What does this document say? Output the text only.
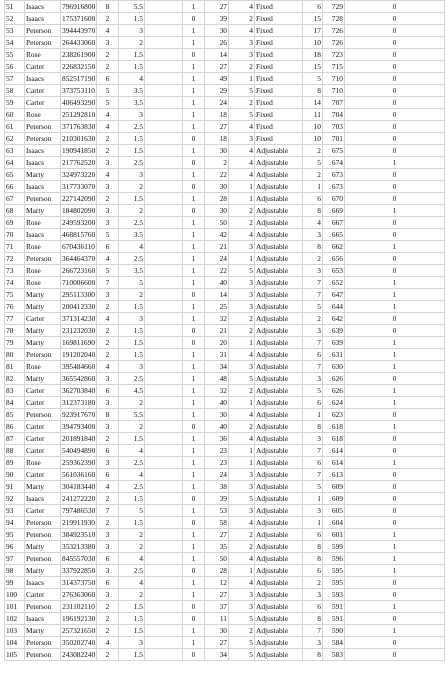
51	Isaacs	796916800	8	5.5		1	27	4	Fixed	6	729	0
52	Isaacs	175371600	2	1.5		0	39	2	Fixed	15	728	0
53	Peterson	394443970	4	3		1	30	4	Fixed	17	726	0
54	Peterson	264433060	3	2		1	26	3	Fixed	10	726	0
55	Rose	238261900	2	1.5		0	14	3	Fixed	18	723	0
56	Carter	226832150	2	1.5		1	27	2	Fixed	15	715	0
57	Isaacs	852517190	6	4		1	49	1	Fixed	5	710	0
58	Carter	373753110	5	3.5		1	29	5	Fixed	8	710	0
59	Carter	406493290	5	3.5		1	24	2	Fixed	14	707	0
60	Rose	251292810	4	3		1	18	5	Fixed	11	704	0
61	Peterson	371763830	4	2.5		1	27	4	Fixed	10	703	0
62	Peterson	210301630	2	1.5		0	18	3	Fixed	10	701	0
63	Isaacs	190941850	2	1.5		1	30	4	Adjustable	2	675	0
64	Isaacs	217762520	3	2.5		0	2	4	Adjustable	5	674	1
65	Marty	324973220	4	3		1	22	4	Adjustable	2	673	0
66	Isaacs	317733070	3	2		0	30	1	Adjustable	1	673	0
67	Peterson	227142090	2	1.5		1	28	1	Adjustable	6	670	0
68	Marty	184802090	3	2		0	30	2	Adjustable	8	669	1
69	Rose	249593200	3	2.5		1	50	2	Adjustable	4	667	0
70	Isaacs	468815760	5	3.5		1	42	4	Adjustable	3	665	0
71	Rose	670436110	6	4		1	21	3	Adjustable	8	662	1
72	Peterson	364464370	4	2.5		1	24	1	Adjustable	2	656	0
73	Rose	266723160	5	3.5		1	22	5	Adjustable	3	653	0
74	Rose	710006600	7	5		1	40	3	Adjustable	7	652	1
75	Marty	295113300	3	2		0	14	3	Adjustable	7	647	1
76	Marty	200412330	2	1.5		1	25	3	Adjustable	5	644	1
77	Carter	371314230	4	3		1	32	2	Adjustable	2	642	0
78	Marty	231232030	2	1.5		0	21	2	Adjustable	3	639	0
79	Marty	169811690	2	1.5		0	20	1	Adjustable	7	639	1
80	Peterson	191202040	2	1.5		1	31	4	Adjustable	6	631	1
81	Rose	395484660	4	3		1	34	3	Adjustable	7	630	1
82	Marty	365542860	3	2.5		1	48	5	Adjustable	3	626	0
83	Carter	362703840	6	4.5		1	32	2	Adjustable	5	626	1
84	Carter	312373180	3	2		1	40	1	Adjustable	6	624	1
85	Peterson	923917670	8	5.5		1	30	4	Adjustable	1	623	0
86	Carter	394793400	3	2		0	40	2	Adjustable	8	618	1
87	Carter	201891840	2	1.5		1	36	4	Adjustable	3	618	0
88	Carter	540494890	6	4		1	23	1	Adjustable	7	614	0
89	Rose	259362390	3	2.5		1	23	1	Adjustable	6	614	1
90	Carter	561036160	6	4		1	24	3	Adjustable	7	613	0
91	Marty	304183440	4	2.5		1	38	3	Adjustable	5	609	0
92	Isaacs	241272220	2	1.5		0	39	5	Adjustable	1	609	0
93	Carter	797486530	7	5		1	53	3	Adjustable	3	605	0
94	Peterson	219911930	2	1.5		0	58	4	Adjustable	1	604	0
95	Peterson	384923510	3	2		1	27	2	Adjustable	6	601	1
96	Marty	353213380	3	2		1	35	2	Adjustable	8	599	1
97	Peterson	845557030	6	4		1	50	4	Adjustable	8	596	1
98	Marty	337922850	3	2.5		0	28	1	Adjustable	6	595	1
99	Isaacs	314373750	6	4		1	12	4	Adjustable	2	595	0
100	Carter	276363060	3	2		1	27	3	Adjustable	3	593	0
101	Peterson	231102110	2	1.5		0	37	3	Adjustable	6	591	1
102	Isaacs	196192130	2	1.5		0	11	5	Adjustable	8	591	0
103	Marty	257321650	2	1.5		1	30	2	Adjustable	7	590	1
104	Peterson	350202740	4	3		1	27	5	Adjustable	3	584	0
105	Peterson	243082240	2	1.5		0	34	5	Adjustable	8	583	0
